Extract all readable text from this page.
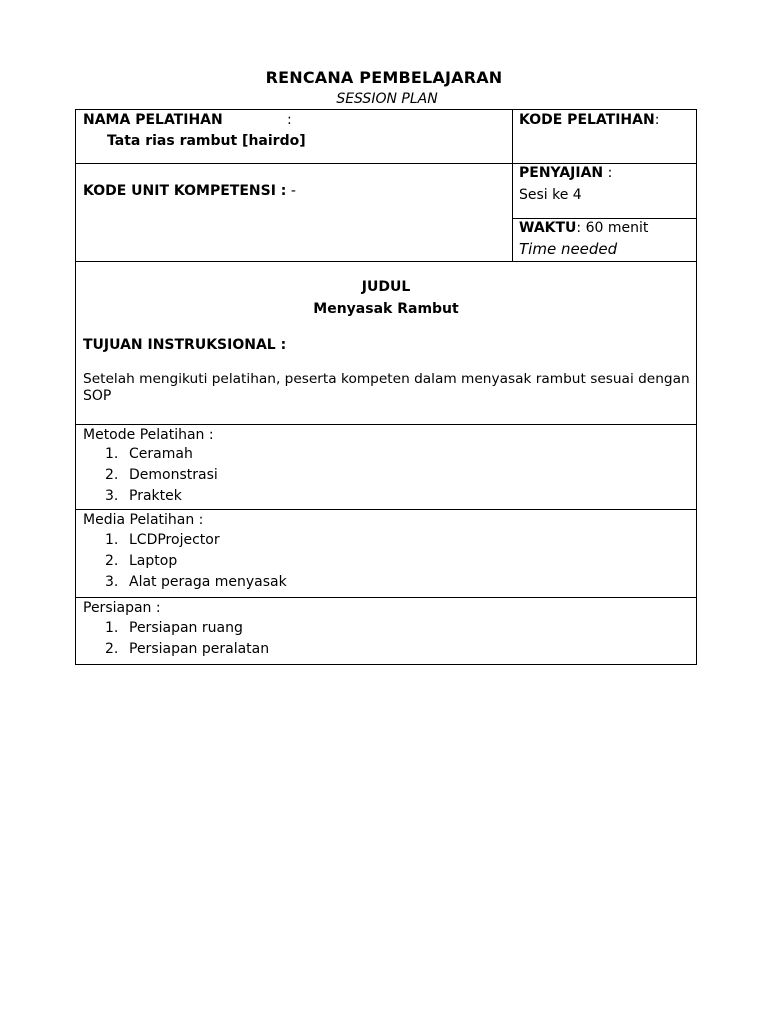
RENCANA PEMBELAJARAN
SESSION PLAN
NAMA PELATIHAN	:
Tata rias rambut [hairdo]
KODE PELATIHAN:
KODE UNIT KOMPETENSI : -
PENYAJIAN :
Sesi ke 4
WAKTU: 60 menit
Time needed
JUDUL
Menyasak Rambut
TUJUAN INSTRUKSIONAL :
Setelah mengikuti pelatihan, peserta kompeten dalam menyasak rambut sesuai dengan
SOP
Metode Pelatihan :
1. Ceramah
2. Demonstrasi
3. Praktek
Media Pelatihan :
1. LCDProjector
2. Laptop
3. Alat peraga menyasak
Persiapan :
1. Persiapan ruang
2. Persiapan peralatan
